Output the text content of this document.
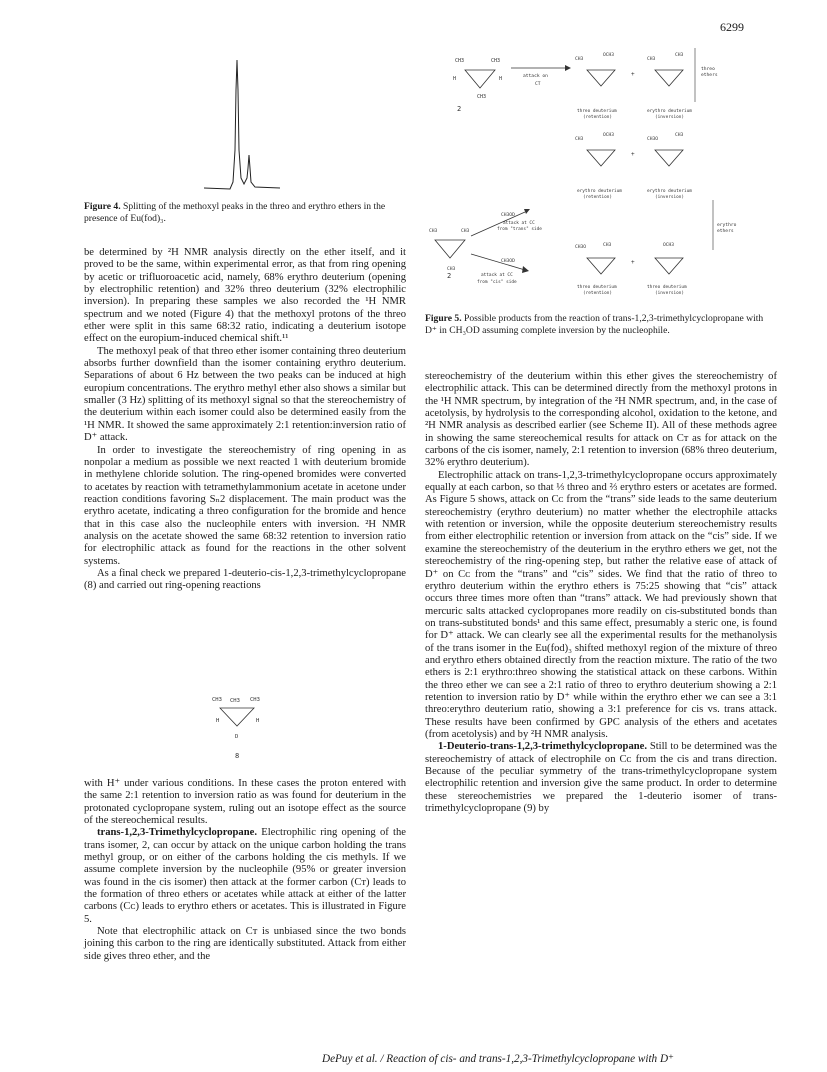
6299
Figure 4. Splitting of the methoxyl peaks in the threo and erythro ethers in the presence of Eu(fod)₃.
CH3	CH3
CH3
H	H
2
attack on
CT
CH3
OCH3
CH3
CH3
+
threo deuterium
(retention)
erythro deuterium
(inversion)
threo
ethers
CH3
OCH3
CH3O
CH3
+
erythro deuterium
(retention)
erythro deuterium
(inversion)
CH3	CH3
CH3
CH3OD
attack at CC
from "trans" side
CH3OD
attack at CC
from "cis" side
2
erythro
ethers
CH3O	CH3	OCH3
+
threo deuterium
(retention)
threo deuterium
(inversion)
Figure 5. Possible products from the reaction of trans-1,2,3-trimethylcyclopropane with D⁺ in CH₃OD assuming complete inversion by the nucleophile.

be determined by ²H NMR analysis directly on the ether itself, and it proved to be the same, within experimental error, as that from ring opening by acetic or trifluoroacetic acid, namely, 68% erythro deuterium (opening by electrophilic retention) and 32% threo deuterium (32% electrophilic inversion). In preparing these samples we also recorded the ¹H NMR spectrum and we noted (Figure 4) that the methoxyl protons of the threo ether were split in this same 68:32 ratio, indicating a deuterium isotope effect on the europium-induced chemical shift.¹¹

The methoxyl peak of that threo ether isomer containing threo deuterium absorbs further downfield than the isomer containing erythro deuterium. Separations of about 6 Hz between the two peaks can be induced at high europium concentrations. The erythro methyl ether also shows a similar but smaller (3 Hz) splitting of its methoxyl signal so that the stereochemistry of the deuterium within each isomer could also be determined easily from the ¹H NMR. It showed the same approximately 2:1 retention:inversion ratio of D⁺ attack.

In order to investigate the stereochemistry of ring opening in as nonpolar a medium as possible we next reacted 1 with deuterium bromide in methylene chloride solution. The ring-opened bromides were converted to acetates by reaction with tetramethylammonium acetate in acetone under reaction conditions favoring Sₙ2 displacement. The main product was the erythro acetate, indicating a threo configuration for the bromide and hence that in this case also the nucleophile enters with inversion. ²H NMR analysis on the acetate showed the same 68:32 retention to inversion ratio for electrophilic attack as found for the reactions in the other solvent systems.

As a final check we prepared 1-deuterio-cis-1,2,3-trimethylcyclopropane (8) and carried out ring-opening reactions

CH3 CH3 CH3
H	H
D
8

with H⁺ under various conditions. In these cases the proton entered with the same 2:1 retention to inversion ratio as was found for deuterium in the protonated cyclopropane system, ruling out an isotope effect as the source of the stereochemical results.

trans-1,2,3-Trimethylcyclopropane. Electrophilic ring opening of the trans isomer, 2, can occur by attack on the unique carbon holding the trans methyl group, or on either of the carbons holding the cis methyls. If we assume complete inversion by the nucleophile (95% or greater inversion was found in the cis isomer) then attack at the former carbon (Cᴛ) leads to the formation of threo ethers or acetates while attack at either of the latter carbons (Cᴄ) leads to erythro ethers or acetates. This is illustrated in Figure 5.

Note that electrophilic attack on Cᴛ is unbiased since the two bonds joining this carbon to the ring are identically substituted. Attack from either side gives threo ether, and the

stereochemistry of the deuterium within this ether gives the stereochemistry of electrophilic attack. This can be determined directly from the methoxyl protons in the ¹H NMR spectrum, by integration of the ²H NMR spectrum, and, in the case of acetolysis, by hydrolysis to the corresponding alcohol, oxidation to the ketone, and ²H NMR analysis as described earlier (see Scheme II). All of these methods agree in showing the same stereochemical results for attack on Cᴛ as for attack on the carbons of the cis isomer, namely, 2:1 retention to inversion (68% threo deuterium, 32% erythro deuterium).

Electrophilic attack on trans-1,2,3-trimethylcyclopropane occurs approximately equally at each carbon, so that ⅓ threo and ⅔ erythro esters or acetates are formed. As Figure 5 shows, attack on Cᴄ from the “trans” side leads to the same deuterium stereochemistry (erythro deuterium) no matter whether the electrophile attacks with retention or inversion, while the opposite deuterium stereochemistry results from either electrophilic retention or inversion from attack on the “cis” side. If we examine the stereochemistry of the deuterium in the erythro ethers we get, not the stereochemistry of the ring-opening step, but rather the relative ease of attack of D⁺ on Cᴄ from the “trans” and “cis” sides. We find that the ratio of threo to erythro deuterium within the erythro ethers is 75:25 showing that “cis” attack occurs three times more often than “trans” attack. We had previously shown that mercuric salts attacked cyclopropanes more readily on cis-substituted bonds than on trans-substituted bonds¹ and this same effect, presumably a steric one, is found for D⁺ attack. We can clearly see all the experimental results for the methanolysis of the trans isomer in the Eu(fod)₃ shifted methoxyl region of the mixture of threo and erythro ethers obtained directly from the reaction mixture. The ratio of the two ethers is 2:1 erythro:threo showing the statistical attack on these carbons. Within the threo ether we can see a 2:1 ratio of threo to erythro deuterium showing a 2:1 retention to inversion ratio by D⁺ while within the erythro ether we can see a 3:1 threo:erythro deuterium ratio, showing a 3:1 preference for cis vs. trans attack. These results have been confirmed by GPC analysis of the ethers and acetates (from acetolysis) and by ²H NMR analysis.

1-Deuterio-trans-1,2,3-trimethylcyclopropane. Still to be determined was the stereochemistry of attack of electrophile on Cᴄ from the cis and trans direction. Because of the peculiar symmetry of the trans-trimethylcyclopropane system electrophilic retention and inversion give the same product. In order to determine these stereochemistries we prepared the 1-deuterio isomer of trans-trimethylcyclopropane (9) by

DePuy et al. / Reaction of cis- and trans-1,2,3-Trimethylcyclopropane with D⁺
